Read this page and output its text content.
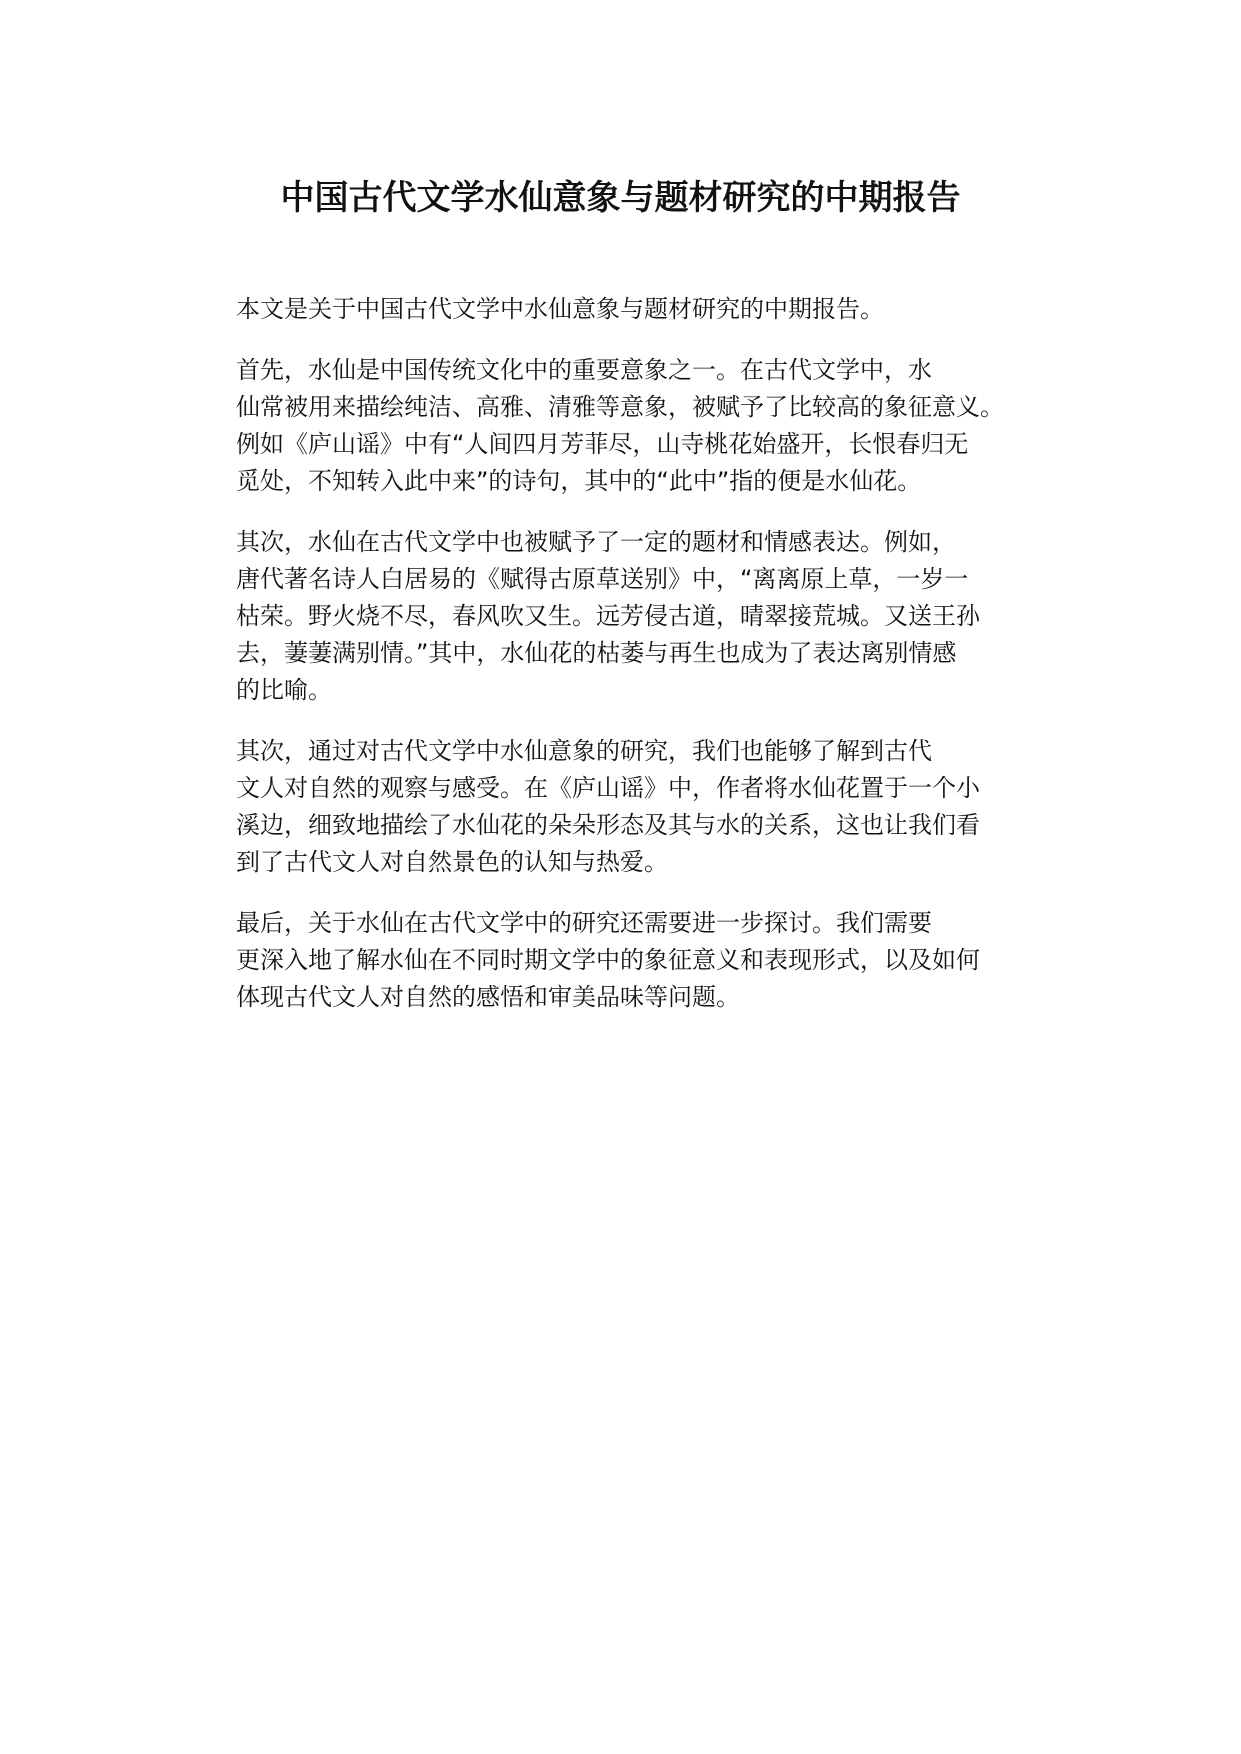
中国古代文学水仙意象与题材研究的中期报告

本文是关于中国古代文学中水仙意象与题材研究的中期报告。

首先，水仙是中国传统文化中的重要意象之一。在古代文学中，水
仙常被用来描绘纯洁、高雅、清雅等意象，被赋予了比较高的象征意义。
例如《庐山谣》中有“人间四月芳菲尽，山寺桃花始盛开，长恨春归无
觅处，不知转入此中来”的诗句，其中的“此中”指的便是水仙花。

其次，水仙在古代文学中也被赋予了一定的题材和情感表达。例如，
唐代著名诗人白居易的《赋得古原草送别》中，“离离原上草，一岁一
枯荣。野火烧不尽，春风吹又生。远芳侵古道，晴翠接荒城。又送王孙
去，萋萋满别情。”其中，水仙花的枯萎与再生也成为了表达离别情感
的比喻。

其次，通过对古代文学中水仙意象的研究，我们也能够了解到古代
文人对自然的观察与感受。在《庐山谣》中，作者将水仙花置于一个小
溪边，细致地描绘了水仙花的朵朵形态及其与水的关系，这也让我们看
到了古代文人对自然景色的认知与热爱。

最后，关于水仙在古代文学中的研究还需要进一步探讨。我们需要
更深入地了解水仙在不同时期文学中的象征意义和表现形式，以及如何
体现古代文人对自然的感悟和审美品味等问题。
